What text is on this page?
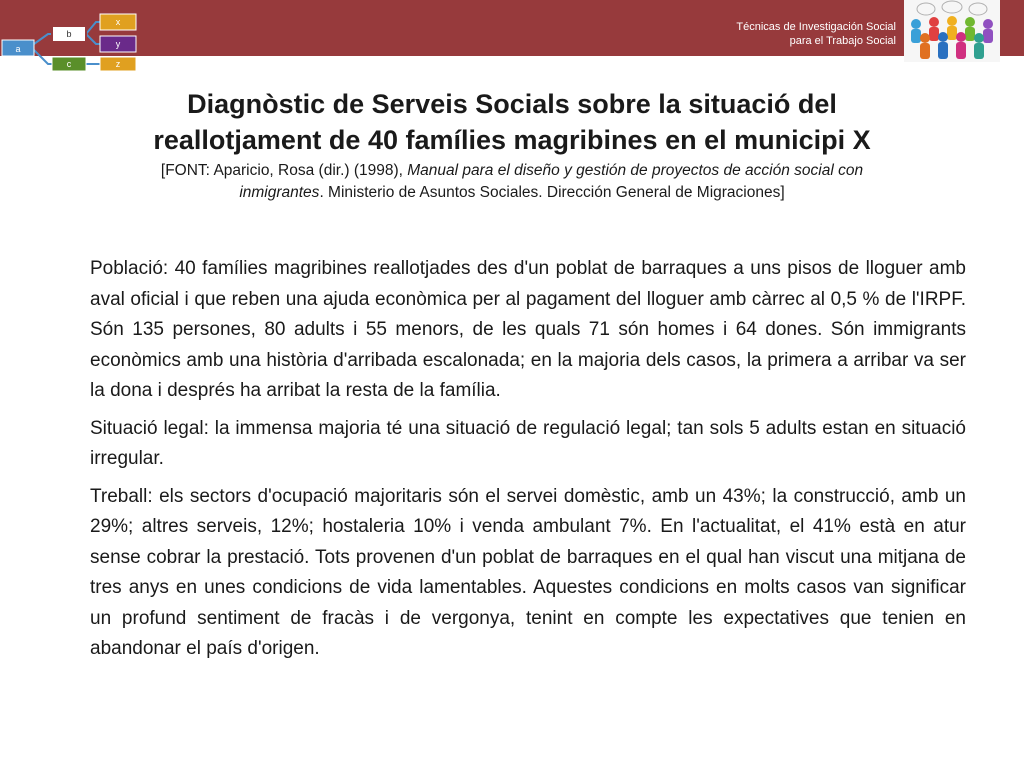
a
b
c
x
y
z
Técnicas de Investigación Social
para el Trabajo Social
Diagnòstic de Serveis Socials sobre la situació del
reallotjament de 40 famílies magribines en el municipi X
[FONT: Aparicio, Rosa (dir.) (1998), Manual para el diseño y gestión de proyectos de acción social con
inmigrantes. Ministerio de Asuntos Sociales. Dirección General de Migraciones]

Població: 40 famílies magribines reallotjades des d'un poblat de barraques a uns pisos de lloguer amb aval oficial i que reben una ajuda econòmica per al pagament del lloguer amb càrrec al 0,5 % de l'IRPF. Són 135 persones, 80 adults i 55 menors, de les quals 71 són homes i 64 dones. Són immigrants econòmics amb una història d'arribada escalonada; en la majoria dels casos, la primera a arribar va ser la dona i després ha arribat la resta de la família.

Situació legal: la immensa majoria té una situació de regulació legal; tan sols 5 adults estan en situació irregular.

Treball: els sectors d'ocupació majoritaris són el servei domèstic, amb un 43%; la construcció, amb un 29%; altres serveis, 12%; hostaleria 10% i venda ambulant 7%. En l'actualitat, el 41% està en atur sense cobrar la prestació. Tots provenen d'un poblat de barraques en el qual han viscut una mitjana de tres anys en unes condicions de vida lamentables. Aquestes condicions en molts casos van significar un profund sentiment de fracàs i de vergonya, tenint en compte les expectatives que tenien en abandonar el país d'origen.
